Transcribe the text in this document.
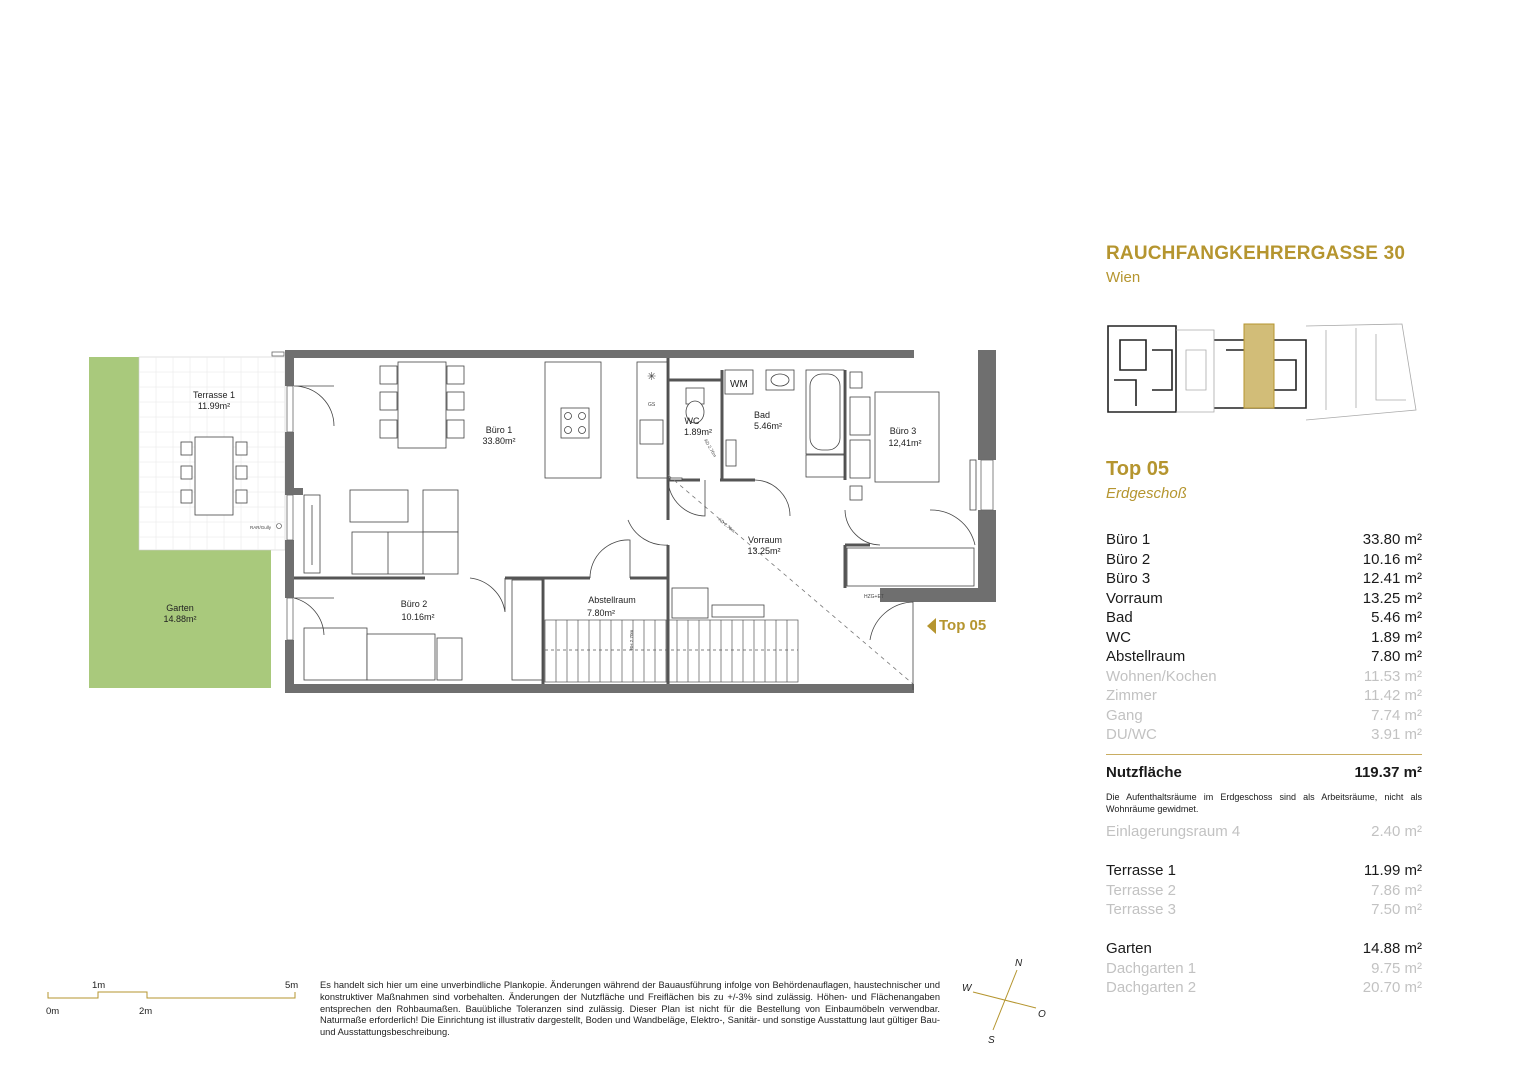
GS
✳
WM
Terrasse 1
11.99m²
Garten
14.88m²
Büro 1
33.80m²
Büro 2
10.16m²
Büro 3
12,41m²
WC
1.89m²
Bad
5.46m²
Vorraum
13.25m²
Abstellraum
7.80m²
RAR/Gully
HZG+ET
AD 2.76m
AD 2.76m
RH 2.70m
0m
1m
2m
5m
N
S
W
O
RAUCHFANGKEHRERGASSE 30
Wien
Top 05
Erdgeschoß
Büro 1	33.80 m²
Büro 2	10.16 m²
Büro 3	12.41 m²
Vorraum	13.25 m²
Bad	5.46 m²
WC	1.89 m²
Abstellraum	7.80 m²
Wohnen/Kochen	11.53 m²
Zimmer	11.42 m²
Gang	7.74 m²
DU/WC	3.91 m²
Nutzfläche	119.37 m²
Die Aufenthaltsräume im Erdgeschoss sind als Arbeitsräume, nicht als Wohnräume gewidmet.
Einlagerungsraum 4	2.40 m²
Terrasse 1	11.99 m²
Terrasse 2	7.86 m²
Terrasse 3	7.50 m²
Garten	14.88 m²
Dachgarten 1	9.75 m²
Dachgarten 2	20.70 m²
Top 05
Es handelt sich hier um eine unverbindliche Plankopie. Änderungen während der Bauausführung infolge von Behördenauflagen, haustechnischer und konstruktiver Maßnahmen sind vorbehalten. Änderungen der Nutzfläche und Freiflächen bis zu +/-3% sind zulässig. Höhen- und Flächenangaben entsprechen den Rohbaumaßen. Bauübliche Toleranzen sind zulässig. Dieser Plan ist nicht für die Bestellung von Einbaumöbeln verwendbar. Naturmaße erforderlich! Die Einrichtung ist illustrativ dargestellt, Boden und Wandbeläge, Elektro-, Sanitär- und sonstige Ausstattung laut gültiger Bau- und Ausstattungsbeschreibung.
